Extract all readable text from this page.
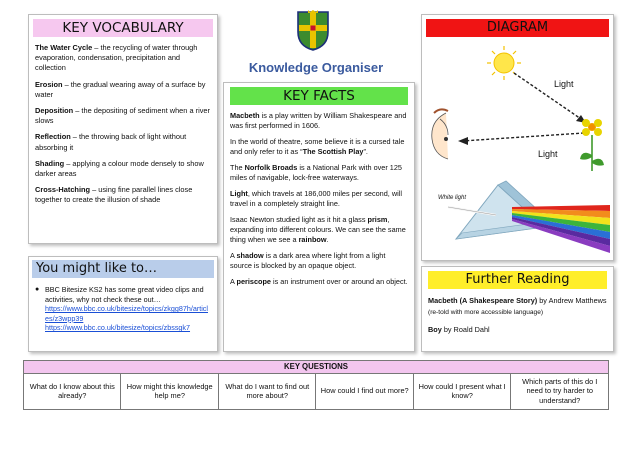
KEY VOCABULARY
The Water Cycle – the recycling of water through evaporation, condensation, precipitation and collection
Erosion – the gradual wearing away of a surface by water
Deposition – the depositing of sediment when a river slows
Reflection – the throwing back of light without absorbing it
Shading – applying a colour mode densely to show darker areas
Cross-Hatching – using fine parallel lines close together to create the illusion of shade
Knowledge Organiser
KEY FACTS
Macbeth is a play written by William Shakespeare and was first performed in 1606.
In the world of theatre, some believe it is a cursed tale and only refer to it as “The Scottish Play”.
The Norfolk Broads is a National Park with over 125 miles of navigable, lock-free waterways.
Light, which travels at 186,000 miles per second, will travel in a completely straight line.
Isaac Newton studied light as it hit a glass prism, expanding into different colours. We can see the same thing when we see a rainbow.
A shadow is a dark area where light from a light source is blocked by an opaque object.
A periscope is an instrument over or around an object.
DIAGRAM
Light
Light
White light
You might like to…
● BBC Bitesize KS2 has some great video clips and activities, why not check these out…
https://www.bbc.co.uk/bitesize/topics/zkgg87h/articles/z3wpp39
https://www.bbc.co.uk/bitesize/topics/zbssgk7
Further Reading
Macbeth (A Shakespeare Story) by Andrew Matthews (re-told with more accessible language)
Boy by Roald Dahl
KEY QUESTIONS
What do I know about this already?	How might this knowledge help me?	What do I want to find out more about?	How could I find out more?	How could I present what I know?	Which parts of this do I need to try harder to understand?
